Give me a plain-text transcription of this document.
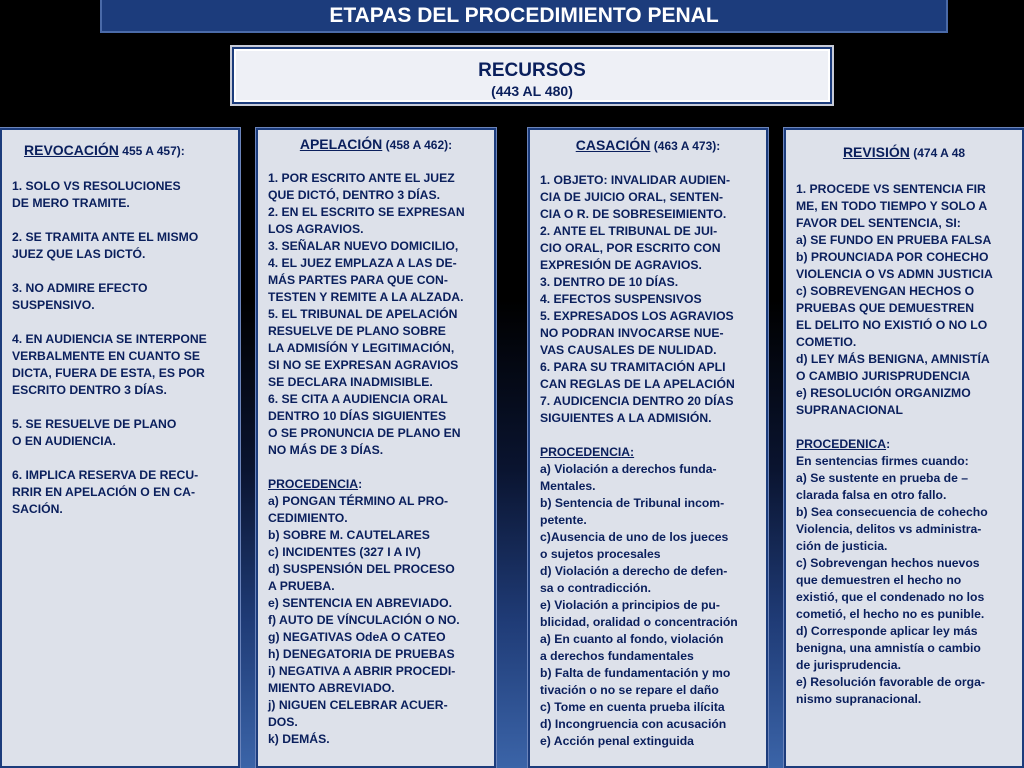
ETAPAS DEL PROCEDIMIENTO PENAL
RECURSOS
(443 AL 480)
REVOCACIÓN 455 A 457):
1. SOLO VS RESOLUCIONES
DE MERO TRAMITE.
2. SE TRAMITA ANTE EL MISMO
JUEZ QUE LAS DICTÓ.
3. NO ADMIRE EFECTO
SUSPENSIVO.
4. EN AUDIENCIA SE INTERPONE
VERBALMENTE EN CUANTO SE
DICTA, FUERA DE ESTA, ES POR
ESCRITO DENTRO 3 DÍAS.
5. SE RESUELVE DE PLANO
O EN AUDIENCIA.
6. IMPLICA RESERVA DE RECU-
RRIR EN APELACIÓN O EN CA-
SACIÓN.
APELACIÓN (458 A 462):
1. POR ESCRITO ANTE EL JUEZ
QUE DICTÓ, DENTRO 3 DÍAS.
2. EN EL ESCRITO SE EXPRESAN
LOS AGRAVIOS.
3. SEÑALAR NUEVO DOMICILIO,
4. EL JUEZ EMPLAZA A LAS DE-
MÁS PARTES PARA QUE CON-
TESTEN Y REMITE A LA ALZADA.
5. EL TRIBUNAL DE APELACIÓN
RESUELVE DE PLANO SOBRE
LA ADMISÍÓN Y LEGITIMACIÓN,
SI NO SE EXPRESAN AGRAVIOS
SE DECLARA INADMISIBLE.
6. SE CITA A AUDIENCIA ORAL
DENTRO 10 DÍAS SIGUIENTES
O SE PRONUNCIA DE PLANO EN
NO MÁS DE 3 DÍAS.
PROCEDENCIA:
a) PONGAN TÉRMINO AL PRO-
CEDIMIENTO.
b) SOBRE M. CAUTELARES
c) INCIDENTES (327 I A IV)
d) SUSPENSIÓN DEL PROCESO
A PRUEBA.
e) SENTENCIA EN ABREVIADO.
f) AUTO DE VÍNCULACIÓN O NO.
g) NEGATIVAS OdeA O CATEO
h) DENEGATORIA DE PRUEBAS
i) NEGATIVA A ABRIR PROCEDI-
MIENTO ABREVIADO.
j) NIGUEN CELEBRAR ACUER-
DOS.
k) DEMÁS.
CASACIÓN (463 A 473):
1. OBJETO: INVALIDAR AUDIEN-
CIA DE JUICIO ORAL, SENTEN-
CIA O R. DE SOBRESEIMIENTO.
2. ANTE EL TRIBUNAL DE JUI-
CIO ORAL, POR ESCRITO CON
EXPRESIÓN DE AGRAVIOS.
3. DENTRO DE 10 DÍAS.
4. EFECTOS SUSPENSIVOS
5. EXPRESADOS LOS AGRAVIOS
NO PODRAN INVOCARSE NUE-
VAS CAUSALES DE NULIDAD.
6. PARA SU TRAMITACIÓN APLI
CAN REGLAS DE LA APELACIÓN
7. AUDICENCIA DENTRO 20 DÍAS
SIGUIENTES A LA ADMISIÓN.
PROCEDENCIA:
a) Violación a derechos funda-
Mentales.
b) Sentencia de Tribunal incom-
petente.
c)Ausencia de uno de los jueces
o sujetos procesales
d) Violación a derecho de defen-
sa o contradicción.
e) Violación a principios de pu-
blicidad, oralidad o concentración
a) En cuanto al fondo, violación
a derechos fundamentales
b) Falta de fundamentación y mo
tivación o no se repare el daño
c) Tome en cuenta prueba ilícita
d) Incongruencia con acusación
e) Acción penal extinguida
REVISIÓN (474 A 48
1. PROCEDE VS SENTENCIA FIR
ME, EN TODO TIEMPO Y SOLO A
FAVOR DEL SENTENCIA, SI:
a) SE FUNDO EN PRUEBA FALSA
b) PROUNCIADA POR COHECHO
VIOLENCIA O VS ADMN JUSTICIA
c) SOBREVENGAN HECHOS O
PRUEBAS QUE DEMUESTREN
EL DELITO NO EXISTIÓ O NO LO
COMETIO.
d) LEY MÁS BENIGNA, AMNISTÍA
O CAMBIO JURISPRUDENCIA
e) RESOLUCIÓN ORGANIZMO
SUPRANACIONAL
PROCEDENICA:
En sentencias firmes cuando:
a) Se sustente en prueba de –
clarada falsa en otro fallo.
b) Sea consecuencia de cohecho
Violencia, delitos vs administra-
ción de justicia.
c) Sobrevengan hechos nuevos
que demuestren el hecho no
existió, que el condenado no los
cometió, el hecho no es punible.
d) Corresponde aplicar ley más
benigna, una amnistía o cambio
de jurisprudencia.
e) Resolución favorable de orga-
nismo supranacional.
